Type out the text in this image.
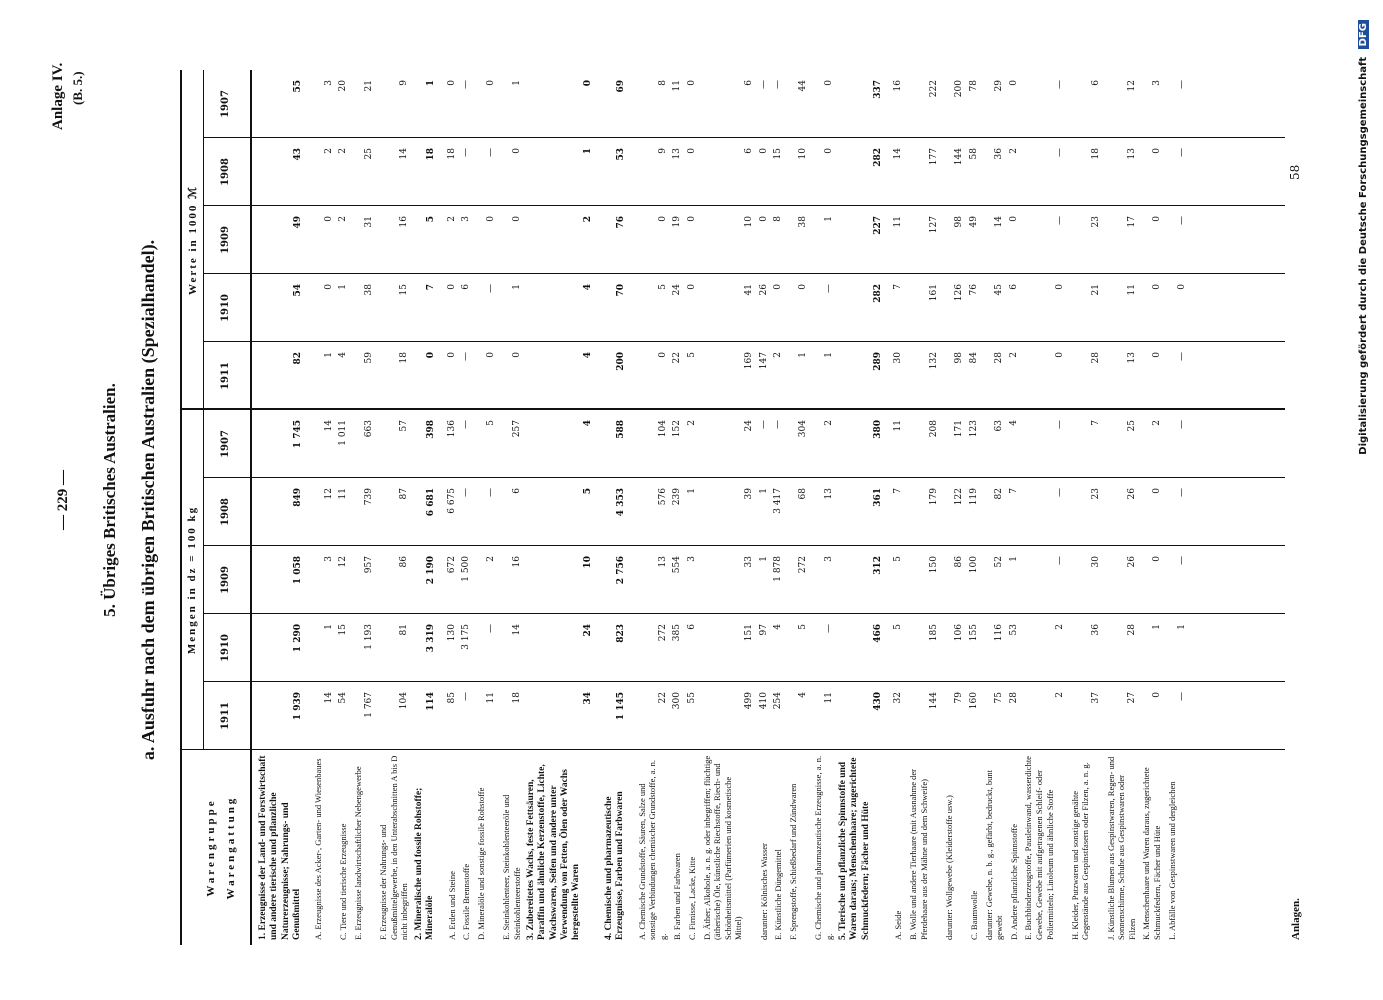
— 229 —
Anlage IV. (B. 5.)
5. Übriges Britisches Australien. a. Ausfuhr nach dem übrigen Britischen Australien (Spezialhandel).
Warengruppe Warengattung
Mengen in dz = 100 kg
Werte in 1000 ℳ
1911
1910
1909
1908
1907
1911
1910
1909
1908
1907
1. Erzeugnisse der Land- und Forstwirtschaft und andere tierische und pflanzliche Naturerzeugnisse; Nahrungs- und Genußmittel
1 939
1 290
1 058
849
1 745
82
54
49
43
55
A. Erzeugnisse des Acker-, Garten- und Wiesenbaues
14
1
3
12
14
1
0
0
2
3
C. Tiere und tierische Erzeugnisse
54
15
12
11
1 011
4
1
2
2
20
E. Erzeugnisse landwirtschaftlicher Nebengewerbe
1 767
1 193
957
739
663
59
38
31
25
21
F. Erzeugnisse der Nahrungs- und Genußmittelgewerbe, in den Unterabschnitten A bis D nicht inbegriffen
104
81
86
87
57
18
15
16
14
9
2. Mineralische und fossile Rohstoffe; Mineralöle
114
3 319
2 190
6 681
398
0
7
5
18
1
A. Erden und Steine
85
130
672
6 675
136
0
0
2
18
0
C. Fossile Brennstoffe
—
3 175
1 500
—
—
—
6
3
—
—
D. Mineralöle und sonstige fossile Rohstoffe
11
—
2
—
5
0
—
0
—
0
E. Steinkohlenteer, Steinkohlenteeröle und Steinkohlenteerstoffe
18
14
16
6
257
0
1
0
0
1
3. Zubereitetes Wachs, feste Fettsäuren, Paraffin und ähnliche Kerzenstoffe, Lichte, Wachswaren, Seifen und andere unter Verwendung von Fetten, Ölen oder Wachs hergestellte Waren
34
24
10
5
4
4
4
2
1
0
4. Chemische und pharmazeutische Erzeugnisse, Farben und Farbwaren
1 145
823
2 756
4 353
588
200
70
76
53
69
A. Chemische Grundstoffe, Säuren, Salze und sonstige Verbindungen chemischer Grundstoffe, a. n. g.
22
272
13
576
104
0
5
0
9
8
B. Farben und Farbwaren
300
385
554
239
152
22
24
19
13
11
C. Firnisse, Lacke, Kitte
55
6
3
1
2
5
0
0
0
0
D. Äther; Alkohole, a. n. g. oder inbegriffen; flüchtige (ätherische) Öle, künstliche Riechstoffe, Riech- und Schönheitsmittel (Parfümerien und kosmetische Mittel)
499
151
33
39
24
169
41
10
6
6
darunter: Kölnisches Wasser
410
97
1
1
—
147
26
0
0
—
E. Künstliche Düngemittel
254
4
1 878
3 417
—
2
0
8
15
—
F. Sprengstoffe, Schießbedarf und Zündwaren
4
5
272
68
304
1
0
38
10
44
G. Chemische und pharmazeutische Erzeugnisse, a. n. g.
11
—
3
13
2
1
—
1
0
0
5. Tierische und pflanzliche Spinnstoffe und Waren daraus; Menschenhaare; zugerichtete Schmuckfedern; Fächer und Hüte
430
466
312
361
380
289
282
227
282
337
A. Seide
32
5
5
7
11
30
7
11
14
16
B. Wolle und andere Tierhaare (mit Ausnahme der Pferdehaare aus der Mähne und dem Schweife)
144
185
150
179
208
132
161
127
177
222
darunter: Wollgewebe (Kleiderstoffe usw.)
79
106
86
122
171
98
126
98
144
200
C. Baumwolle
160
155
100
119
123
84
76
49
58
78
darunter: Gewebe, n. b. g., gefärbt, bedruckt, bunt gewebt
75
116
52
82
63
28
45
14
36
29
D. Andere pflanzliche Spinnstoffe
28
53
1
7
4
2
6
0
2
0
E. Buchbinderzeugstoffe, Pausleinwand, wasserdichte Gewebe, Gewebe mit aufgetragenen Schleif- oder Poliermitteln; Linoleum und ähnliche Stoffe
2
2
—
—
—
0
0
—
—
—
H. Kleider, Putzwaren und sonstige genähte Gegenstände aus Gespinstfasern oder Filzen, a. n. g.
37
36
30
23
7
28
21
23
18
6
J. Künstliche Blumen aus Gespinstwaren, Regen- und Sonnenschirme, Schuhe aus Gespinstwaren oder Filzen
27
28
26
26
25
13
11
17
13
12
K. Menschenhaare und Waren daraus, zugerichtete Schmuckfedern, Fächer und Hüte
0
1
0
0
2
0
0
0
0
3
L. Abfälle von Gespinstwaren und dergleichen
—
1
—
—
—
—
0
—
—
—
Anlagen.
58	Digitalisierung gefördert durch die Deutsche Forschungsgemeinschaft DFG
